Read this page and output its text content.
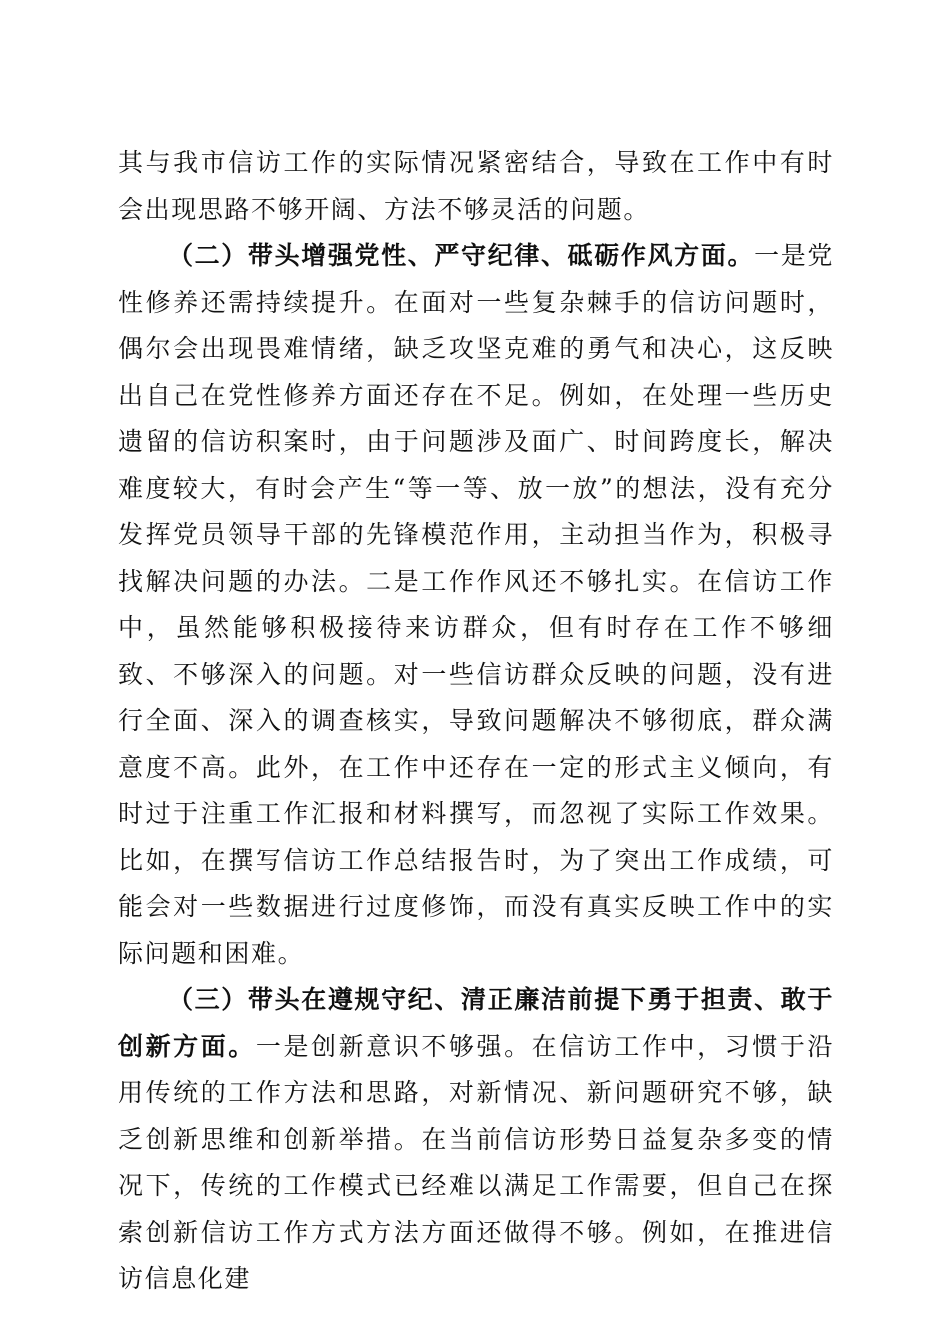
其与我市信访工作的实际情况紧密结合，导致在工作中有时会出现思路不够开阔、方法不够灵活的问题。

（二）带头增强党性、严守纪律、砥砺作风方面。一是党性修养还需持续提升。在面对一些复杂棘手的信访问题时，偶尔会出现畏难情绪，缺乏攻坚克难的勇气和决心，这反映出自己在党性修养方面还存在不足。例如，在处理一些历史遗留的信访积案时，由于问题涉及面广、时间跨度长，解决难度较大，有时会产生“等一等、放一放”的想法，没有充分发挥党员领导干部的先锋模范作用，主动担当作为，积极寻找解决问题的办法。二是工作作风还不够扎实。在信访工作中，虽然能够积极接待来访群众，但有时存在工作不够细致、不够深入的问题。对一些信访群众反映的问题，没有进行全面、深入的调查核实，导致问题解决不够彻底，群众满意度不高。此外，在工作中还存在一定的形式主义倾向，有时过于注重工作汇报和材料撰写，而忽视了实际工作效果。比如，在撰写信访工作总结报告时，为了突出工作成绩，可能会对一些数据进行过度修饰，而没有真实反映工作中的实际问题和困难。

（三）带头在遵规守纪、清正廉洁前提下勇于担责、敢于创新方面。一是创新意识不够强。在信访工作中，习惯于沿用传统的工作方法和思路，对新情况、新问题研究不够，缺乏创新思维和创新举措。在当前信访形势日益复杂多变的情况下，传统的工作模式已经难以满足工作需要，但自己在探索创新信访工作方式方法方面还做得不够。例如，在推进信访信息化建
